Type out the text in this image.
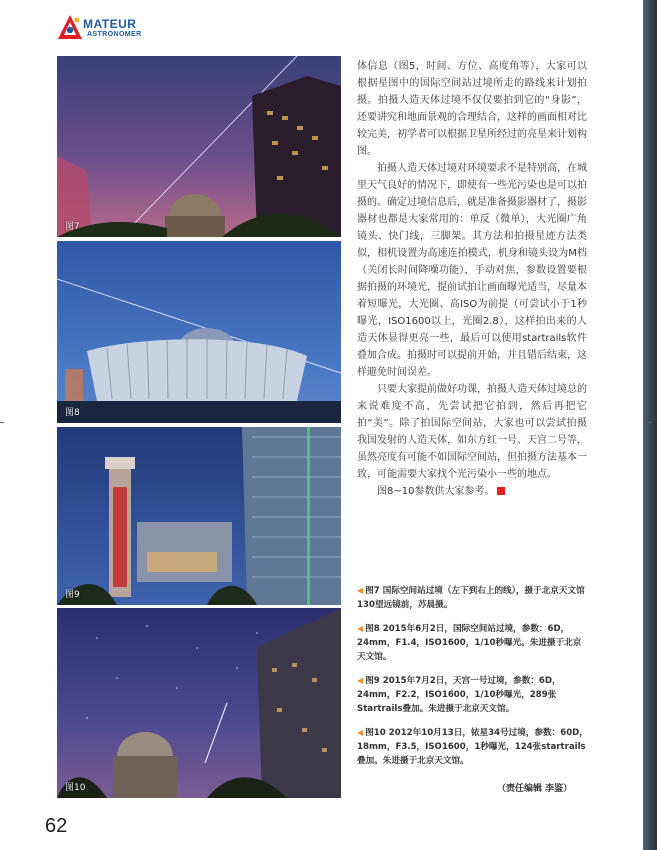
MATEUR
ASTRONOMER
图7
图8
图9
图10

体信息（图5，时间、方位、高度角等），大家可以根据星图中的国际空间站过境所走的路线来计划拍摄。拍摄人造天体过境不仅仅要拍到它的“身影”，还要讲究和地面景观的合理结合，这样的画面相对比较完美，初学者可以根据卫星所经过的亮星来计划构图。

拍摄人造天体过境对环境要求不是特别高，在城里天气良好的情况下，即使有一些光污染也是可以拍摄的。确定过境信息后，就是准备摄影器材了，摄影器材也都是大家常用的：单反（微单），大光圈广角镜头、快门线，三脚架。其方法和拍摄星迹方法类似，相机设置为高速连拍模式，机身和镜头设为M档（关闭长时间降噪功能），手动对焦，参数设置要根据拍摄的环境光，提前试拍让画面曝光适当，尽量本着短曝光，大光圈、高ISO为前提（可尝试小于1秒曝光，ISO1600以上，光圈2.8），这样拍出来的人造天体显得更亮一些，最后可以使用startrails软件叠加合成。拍摄时可以提前开始，并且错后结束，这样避免时间误差。

只要大家提前做好功课，拍摄人造天体过境总的来说难度不高，先尝试把它拍到，然后再把它拍“美”。除了拍国际空间站，大家也可以尝试拍摄我国发射的人造天体，如东方红一号、天宫二号等，虽然亮度有可能不如国际空间站，但拍摄方法基本一致，可能需要大家找个光污染小一些的地点。

图8~10参数供大家参考。

◀ 图7 国际空间站过境（左下到右上的线），摄于北京天文馆130望远镜前，苏晨摄。

◀ 图8 2015年6月2日，国际空间站过境，参数：6D，24mm，F1.4，ISO1600，1/10秒曝光。朱进摄于北京天文馆。

◀ 图9 2015年7月2日，天宫一号过境，参数：6D，24mm，F2.2，ISO1600，1/10秒曝光，289张Startrails叠加。朱进摄于北京天文馆。

◀ 图10 2012年10月13日，铱星34号过境，参数：60D，18mm，F3.5，ISO1600，1秒曝光，124张startrails叠加。朱进摄于北京天文馆。

（责任编辑 李鉴）
62
